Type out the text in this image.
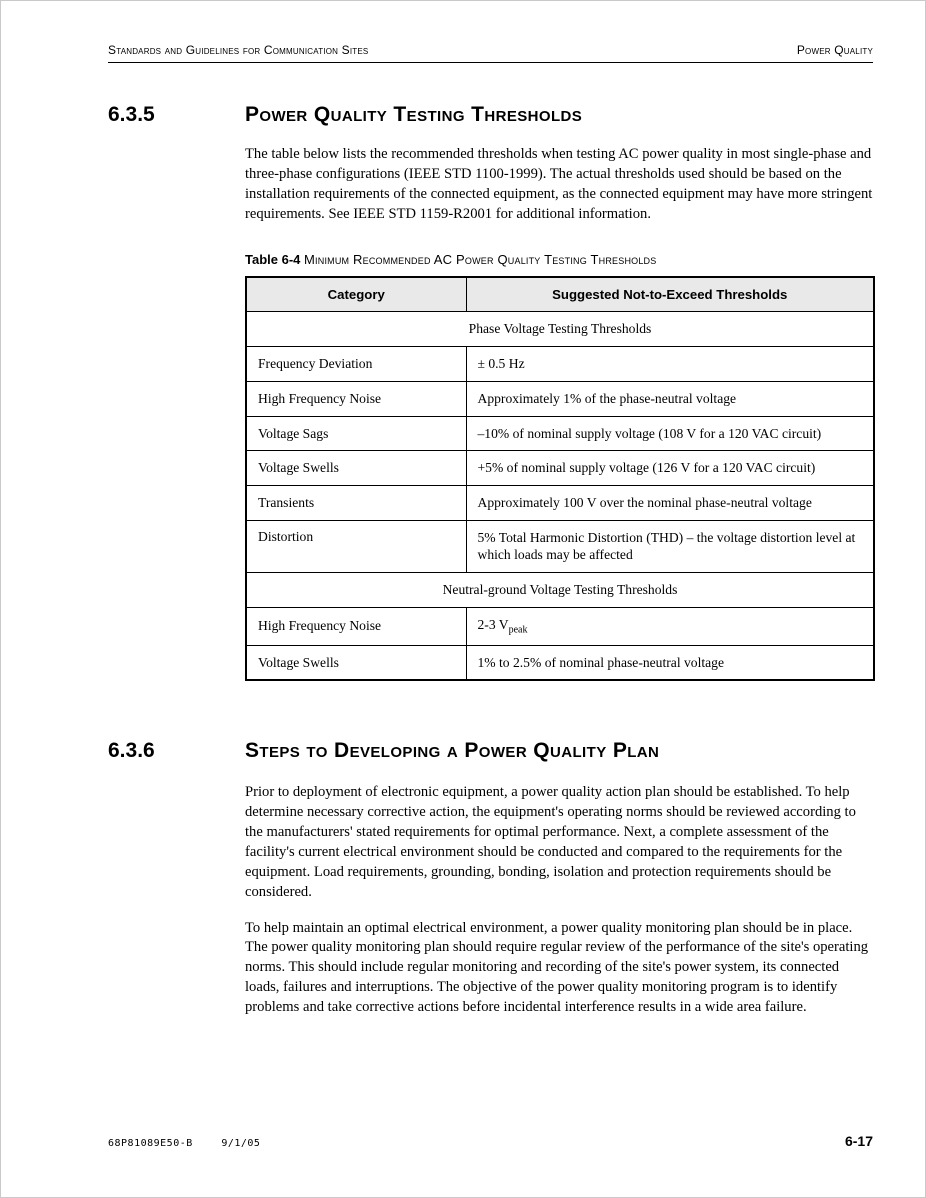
Standards and Guidelines for Communication Sites	Power Quality
6.3.5	Power Quality Testing Thresholds

The table below lists the recommended thresholds when testing AC power quality in most single-phase and three-phase configurations (IEEE STD 1100-1999). The actual thresholds used should be based on the installation requirements of the connected equipment, as the connected equipment may have more stringent requirements. See IEEE STD 1159-R2001 for additional information.

Table 6-4 Minimum Recommended AC Power Quality Testing Thresholds
Category	Suggested Not-to-Exceed Thresholds
Phase Voltage Testing Thresholds	
Frequency Deviation	± 0.5 Hz
High Frequency Noise	Approximately 1% of the phase-neutral voltage
Voltage Sags	–10% of nominal supply voltage (108 V for a 120 VAC circuit)
Voltage Swells	+5% of nominal supply voltage (126 V for a 120 VAC circuit)
Transients	Approximately 100 V over the nominal phase-neutral voltage
Distortion	5% Total Harmonic Distortion (THD) – the voltage distortion level at which loads may be affected
Neutral-ground Voltage Testing Thresholds	
High Frequency Noise	2-3 $V_{peak}$
Voltage Swells	1% to 2.5% of nominal phase-neutral voltage
6.3.6	Steps to Developing a Power Quality Plan

Prior to deployment of electronic equipment, a power quality action plan should be established. To help determine necessary corrective action, the equipment's operating norms should be reviewed according to the manufacturers' stated requirements for optimal performance. Next, a complete assessment of the facility's current electrical environment should be conducted and compared to the requirements for the equipment. Load requirements, grounding, bonding, isolation and protection requirements should be considered.

To help maintain an optimal electrical environment, a power quality monitoring plan should be in place. The power quality monitoring plan should require regular review of the performance of the site's operating norms. This should include regular monitoring and recording of the site's power system, its connected loads, failures and interruptions. The objective of the power quality monitoring program is to identify problems and take corrective actions before incidental interference results in a wide area failure.

68P81089E50-B	9/1/05	6-17
